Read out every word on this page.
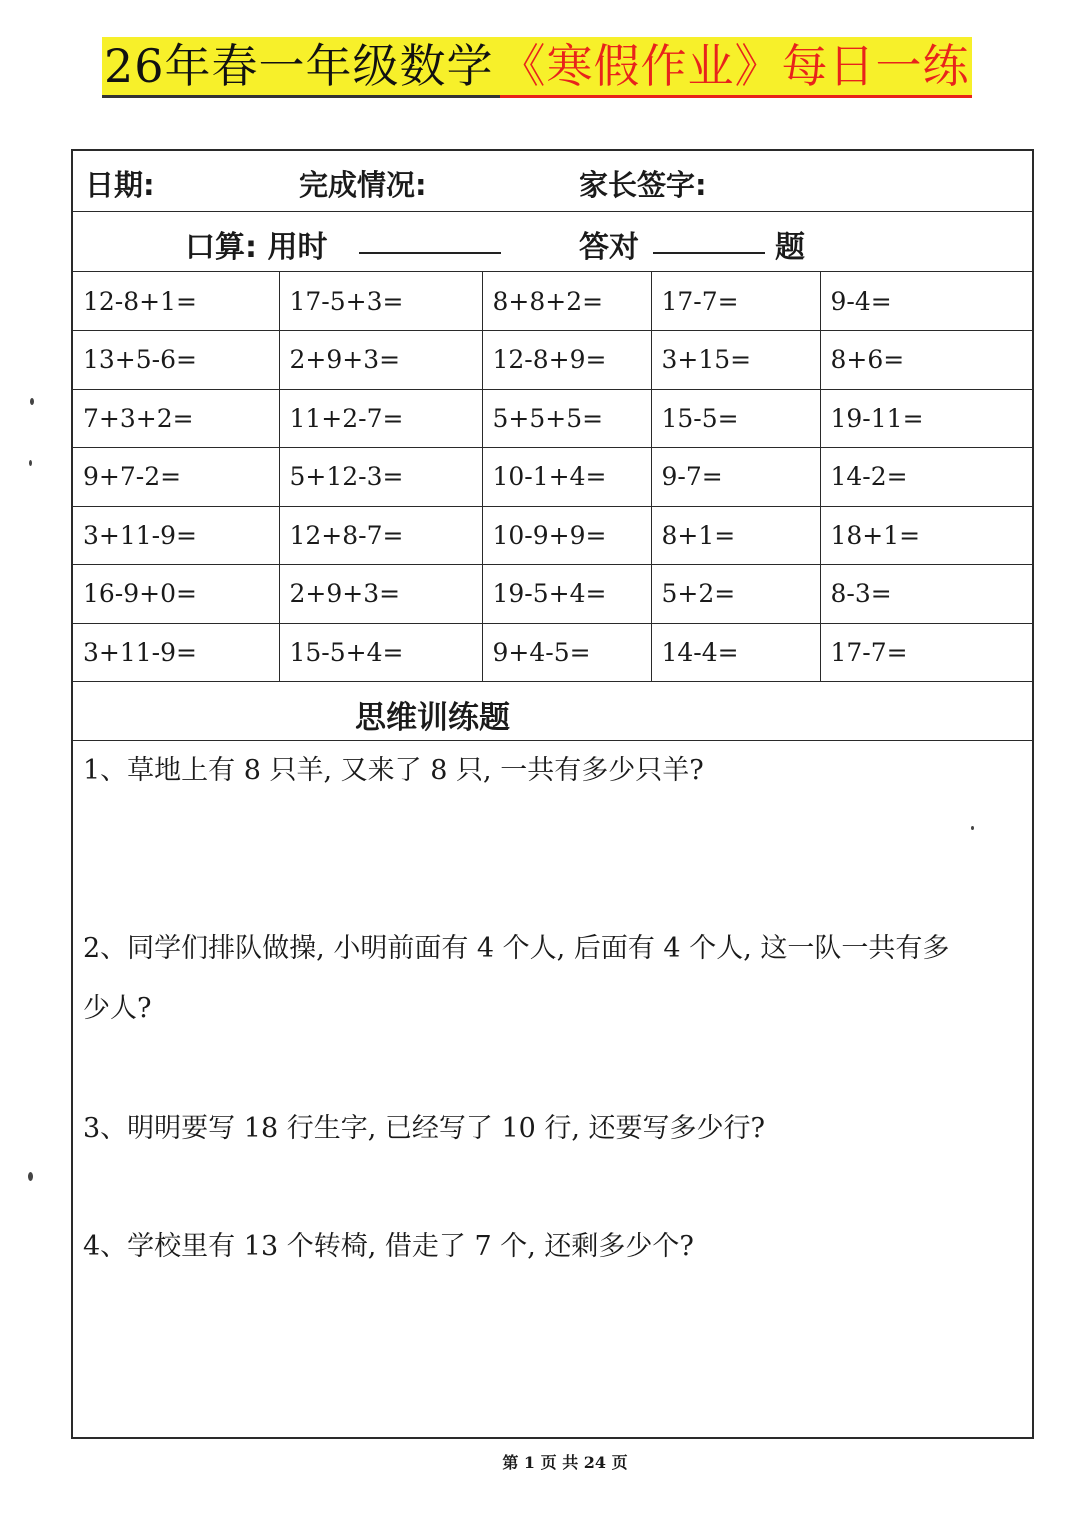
26年春一年级数学 《寒假作业》每日一练
日期:	完成情况:	家长签字:
口算: 用时	答对	题
12-8+1=	17-5+3=	8+8+2=	17-7=	9-4=
13+5-6=	2+9+3=	12-8+9=	3+15=	8+6=
7+3+2=	11+2-7=	5+5+5=	15-5=	19-11=
9+7-2=	5+12-3=	10-1+4=	9-7=	14-2=
3+11-9=	12+8-7=	10-9+9=	8+1=	18+1=
16-9+0=	2+9+3=	19-5+4=	5+2=	8-3=
3+11-9=	15-5+4=	9+4-5=	14-4=	17-7=
思维训练题
1、草地上有 8 只羊, 又来了 8 只, 一共有多少只羊?
2、同学们排队做操, 小明前面有 4 个人, 后面有 4 个人, 这一队一共有多
少人?
3、明明要写 18 行生字, 已经写了 10 行, 还要写多少行?
4、学校里有 13 个转椅, 借走了 7 个, 还剩多少个?
第 1 页 共 24 页
